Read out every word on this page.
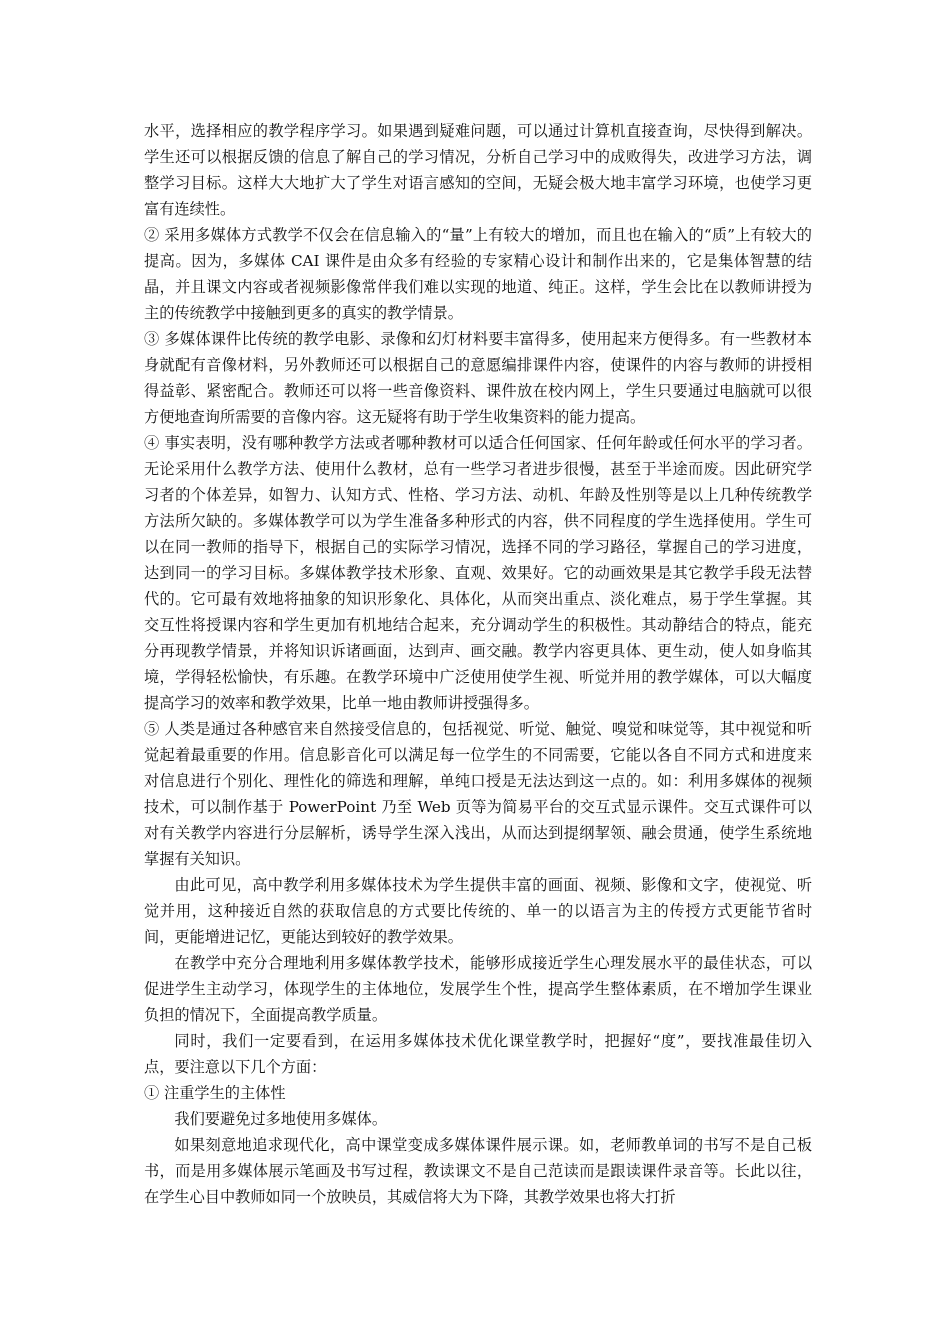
水平，选择相应的教学程序学习。如果遇到疑难问题，可以通过计算机直接查询，尽快得到解决。学生还可以根据反馈的信息了解自己的学习情况，分析自己学习中的成败得失，改进学习方法，调整学习目标。这样大大地扩大了学生对语言感知的空间，无疑会极大地丰富学习环境，也使学习更富有连续性。

② 采用多媒体方式教学不仅会在信息输入的“量”上有较大的增加，而且也在输入的“质”上有较大的提高。因为，多媒体 CAI 课件是由众多有经验的专家精心设计和制作出来的，它是集体智慧的结晶，并且课文内容或者视频影像常伴我们难以实现的地道、纯正。这样，学生会比在以教师讲授为主的传统教学中接触到更多的真实的教学情景。

③ 多媒体课件比传统的教学电影、录像和幻灯材料要丰富得多，使用起来方便得多。有一些教材本身就配有音像材料，另外教师还可以根据自己的意愿编排课件内容，使课件的内容与教师的讲授相得益彰、紧密配合。教师还可以将一些音像资料、课件放在校内网上，学生只要通过电脑就可以很方便地查询所需要的音像内容。这无疑将有助于学生收集资料的能力提高。

④ 事实表明，没有哪种教学方法或者哪种教材可以适合任何国家、任何年龄或任何水平的学习者。无论采用什么教学方法、使用什么教材，总有一些学习者进步很慢，甚至于半途而废。因此研究学习者的个体差异，如智力、认知方式、性格、学习方法、动机、年龄及性别等是以上几种传统教学方法所欠缺的。多媒体教学可以为学生准备多种形式的内容，供不同程度的学生选择使用。学生可以在同一教师的指导下，根据自己的实际学习情况，选择不同的学习路径，掌握自己的学习进度，达到同一的学习目标。多媒体教学技术形象、直观、效果好。它的动画效果是其它教学手段无法替代的。它可最有效地将抽象的知识形象化、具体化，从而突出重点、淡化难点，易于学生掌握。其交互性将授课内容和学生更加有机地结合起来，充分调动学生的积极性。其动静结合的特点，能充分再现教学情景，并将知识诉诸画面，达到声、画交融。教学内容更具体、更生动，使人如身临其境，学得轻松愉快，有乐趣。在教学环境中广泛使用使学生视、听觉并用的教学媒体，可以大幅度提高学习的效率和教学效果，比单一地由教师讲授强得多。

⑤ 人类是通过各种感官来自然接受信息的，包括视觉、听觉、触觉、嗅觉和味觉等，其中视觉和听觉起着最重要的作用。信息影音化可以满足每一位学生的不同需要，它能以各自不同方式和进度来对信息进行个别化、理性化的筛选和理解，单纯口授是无法达到这一点的。如：利用多媒体的视频技术，可以制作基于 PowerPoint 乃至 Web 页等为简易平台的交互式显示课件。交互式课件可以对有关教学内容进行分层解析，诱导学生深入浅出，从而达到提纲挈领、融会贯通，使学生系统地掌握有关知识。

由此可见，高中教学利用多媒体技术为学生提供丰富的画面、视频、影像和文字，使视觉、听觉并用，这种接近自然的获取信息的方式要比传统的、单一的以语言为主的传授方式更能节省时间，更能增进记忆，更能达到较好的教学效果。

在教学中充分合理地利用多媒体教学技术，能够形成接近学生心理发展水平的最佳状态，可以促进学生主动学习，体现学生的主体地位，发展学生个性，提高学生整体素质，在不增加学生课业负担的情况下，全面提高教学质量。

同时，我们一定要看到，在运用多媒体技术优化课堂教学时，把握好“度”，要找准最佳切入点，要注意以下几个方面：

① 注重学生的主体性

我们要避免过多地使用多媒体。

如果刻意地追求现代化，高中课堂变成多媒体课件展示课。如，老师教单词的书写不是自己板书，而是用多媒体展示笔画及书写过程，教读课文不是自己范读而是跟读课件录音等。长此以往，在学生心目中教师如同一个放映员，其威信将大为下降，其教学效果也将大打折
